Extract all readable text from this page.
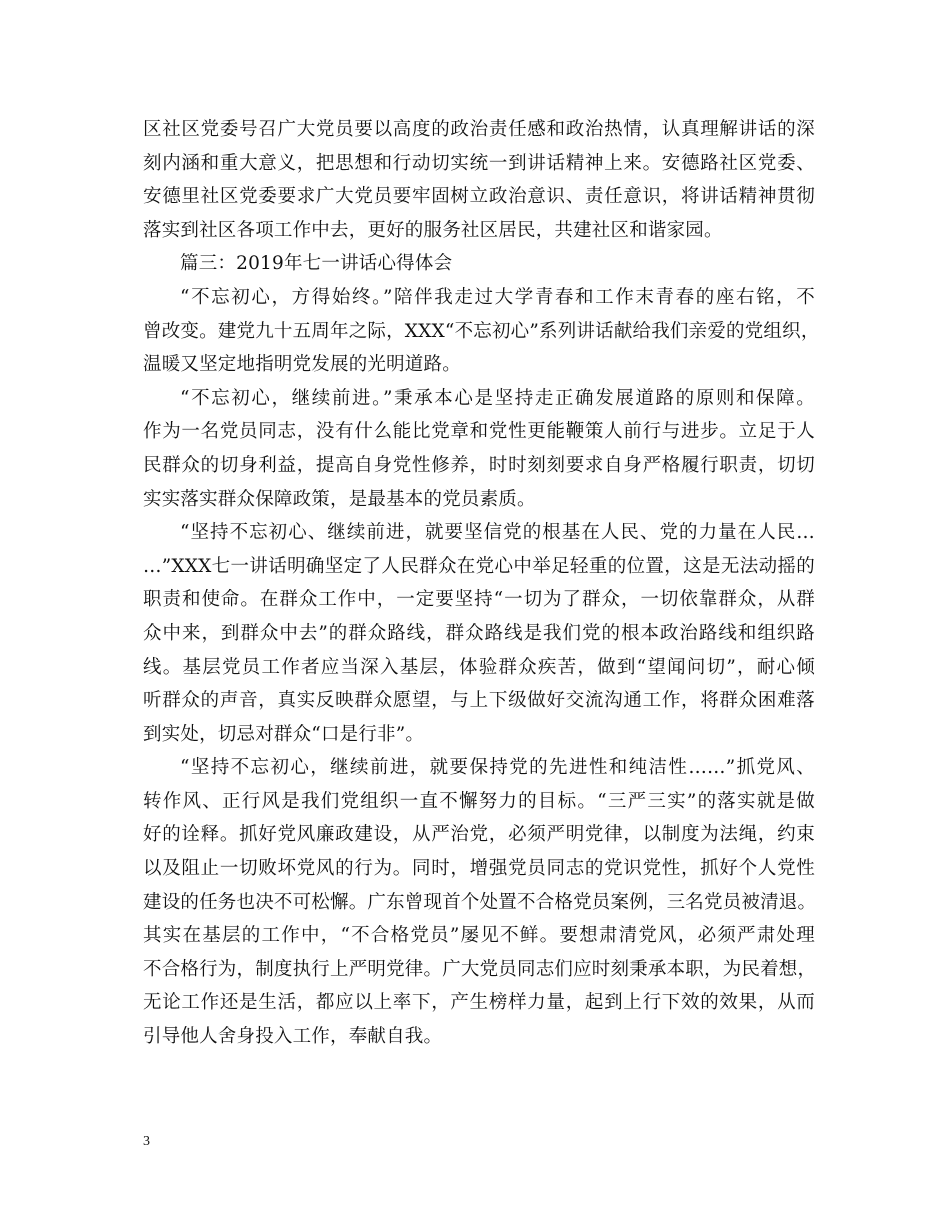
区社区党委号召广大党员要以高度的政治责任感和政治热情，认真理解讲话的深
刻内涵和重大意义，把思想和行动切实统一到讲话精神上来。安德路社区党委、
安德里社区党委要求广大党员要牢固树立政治意识、责任意识，将讲话精神贯彻
落实到社区各项工作中去，更好的服务社区居民，共建社区和谐家园。
篇三：2019年七一讲话心得体会
“不忘初心，方得始终。”陪伴我走过大学青春和工作末青春的座右铭，不
曾改变。建党九十五周年之际，XXX“不忘初心”系列讲话献给我们亲爱的党组织，
温暖又坚定地指明党发展的光明道路。
“不忘初心，继续前进。”秉承本心是坚持走正确发展道路的原则和保障。
作为一名党员同志，没有什么能比党章和党性更能鞭策人前行与进步。立足于人
民群众的切身利益，提高自身党性修养，时时刻刻要求自身严格履行职责，切切
实实落实群众保障政策，是最基本的党员素质。
“坚持不忘初心、继续前进，就要坚信党的根基在人民、党的力量在人民…
…”XXX七一讲话明确坚定了人民群众在党心中举足轻重的位置，这是无法动摇的
职责和使命。在群众工作中，一定要坚持“一切为了群众，一切依靠群众，从群
众中来，到群众中去”的群众路线，群众路线是我们党的根本政治路线和组织路
线。基层党员工作者应当深入基层，体验群众疾苦，做到“望闻问切”，耐心倾
听群众的声音，真实反映群众愿望，与上下级做好交流沟通工作，将群众困难落
到实处，切忌对群众“口是行非”。
“坚持不忘初心，继续前进，就要保持党的先进性和纯洁性……”抓党风、
转作风、正行风是我们党组织一直不懈努力的目标。“三严三实”的落实就是做
好的诠释。抓好党风廉政建设，从严治党，必须严明党律，以制度为法绳，约束
以及阻止一切败坏党风的行为。同时，增强党员同志的党识党性，抓好个人党性
建设的任务也决不可松懈。广东曾现首个处置不合格党员案例，三名党员被清退。
其实在基层的工作中，“不合格党员”屡见不鲜。要想肃清党风，必须严肃处理
不合格行为，制度执行上严明党律。广大党员同志们应时刻秉承本职，为民着想，
无论工作还是生活，都应以上率下，产生榜样力量，起到上行下效的效果，从而
引导他人舍身投入工作，奉献自我。
3
